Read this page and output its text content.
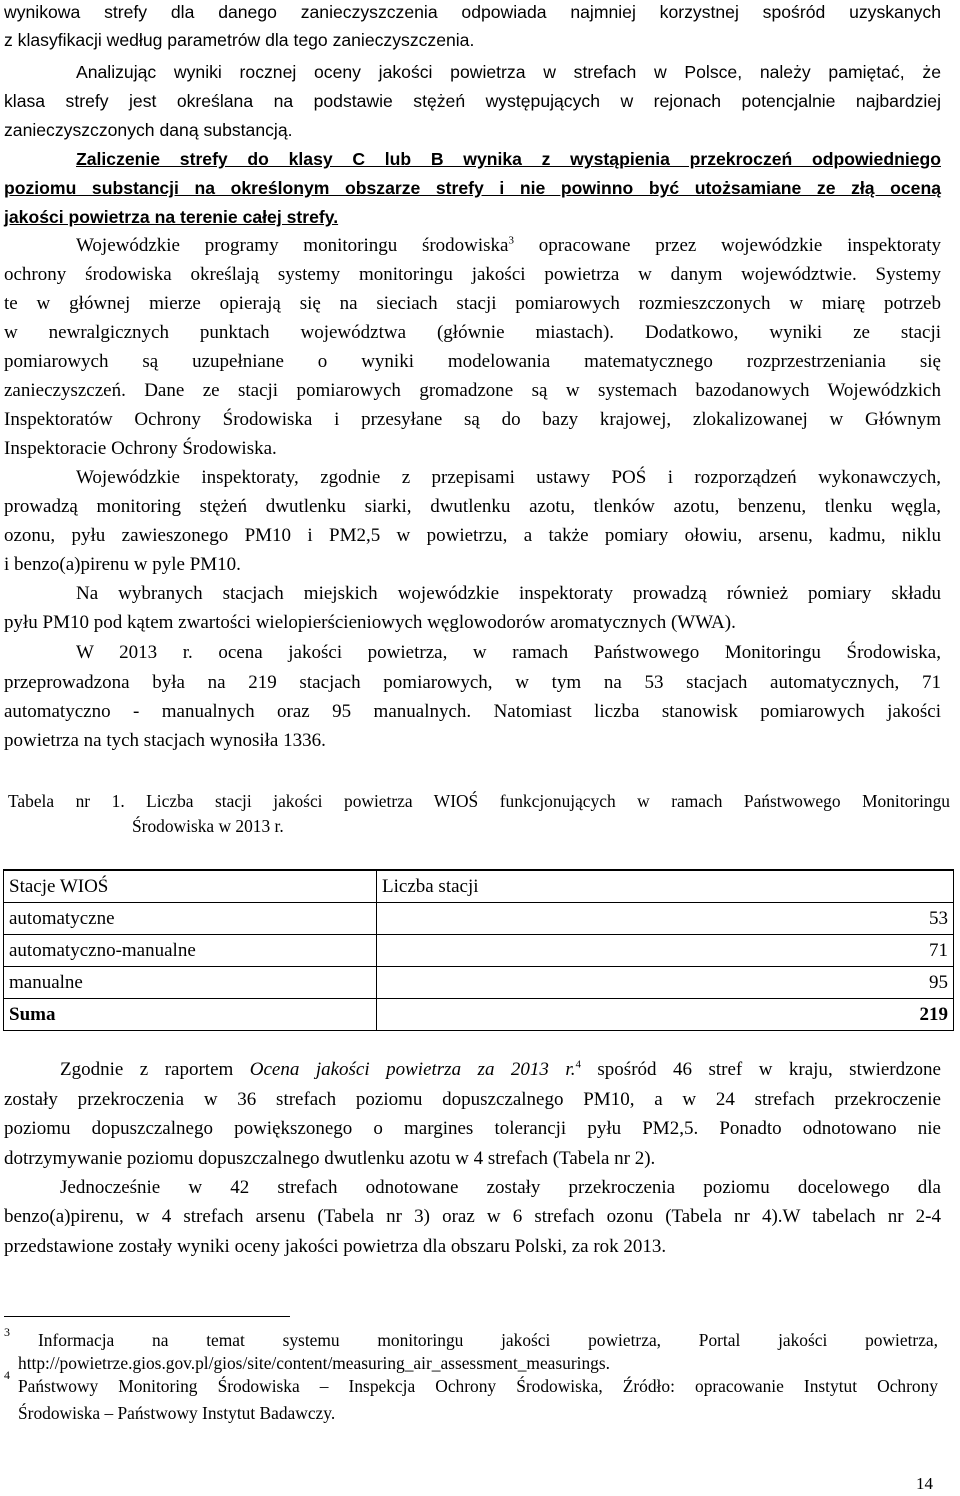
wynikowa strefy dla danego zanieczyszczenia odpowiada najmniej korzystnej spośród uzyskanych
z klasyfikacji według parametrów dla tego zanieczyszczenia.
Analizując wyniki rocznej oceny jakości powietrza w strefach w Polsce, należy pamiętać, że
klasa strefy jest określana na podstawie stężeń występujących w rejonach potencjalnie najbardziej
zanieczyszczonych daną substancją.
Zaliczenie strefy do klasy C lub B wynika z wystąpienia przekroczeń odpowiedniego
poziomu substancji na określonym obszarze strefy i nie powinno być utożsamiane ze złą oceną
jakości powietrza na terenie całej strefy.
Wojewódzkie programy monitoringu środowiska$^3$ opracowane przez wojewódzkie inspektoraty
ochrony środowiska określają systemy monitoringu jakości powietrza w danym województwie. Systemy
te w głównej mierze opierają się na sieciach stacji pomiarowych rozmieszczonych w miarę potrzeb
w newralgicznych punktach województwa (głównie miastach). Dodatkowo, wyniki ze stacji
pomiarowych są uzupełniane o wyniki modelowania matematycznego rozprzestrzeniania się
zanieczyszczeń. Dane ze stacji pomiarowych gromadzone są w systemach bazodanowych Wojewódzkich
Inspektoratów Ochrony Środowiska i przesyłane są do bazy krajowej, zlokalizowanej w Głównym
Inspektoracie Ochrony Środowiska.
Wojewódzkie inspektoraty, zgodnie z przepisami ustawy POŚ i rozporządzeń wykonawczych,
prowadzą monitoring stężeń dwutlenku siarki, dwutlenku azotu, tlenków azotu, benzenu, tlenku węgla,
ozonu, pyłu zawieszonego PM10 i PM2,5 w powietrzu, a także pomiary ołowiu, arsenu, kadmu, niklu
i benzo(a)pirenu w pyle PM10.
Na wybranych stacjach miejskich wojewódzkie inspektoraty prowadzą również pomiary składu
pyłu PM10 pod kątem zwartości wielopierścieniowych węglowodorów aromatycznych (WWA).
W 2013 r. ocena jakości powietrza, w ramach Państwowego Monitoringu Środowiska,
przeprowadzona była na 219 stacjach pomiarowych, w tym na 53 stacjach automatycznych, 71
automatyczno - manualnych oraz 95 manualnych. Natomiast liczba stanowisk pomiarowych jakości
powietrza na tych stacjach wynosiła 1336.
Tabela nr 1. Liczba stacji jakości powietrza WIOŚ funkcjonujących w ramach Państwowego Monitoringu
Środowiska w 2013 r.
Stacje WIOŚ	Liczba stacji
automatyczne	53
automatyczno-manualne	71
manualne	95
Suma	219
Zgodnie z raportem Ocena jakości powietrza za 2013 r.$^4$ spośród 46 stref w kraju, stwierdzone
zostały przekroczenia w 36 strefach poziomu dopuszczalnego PM10, a w 24 strefach przekroczenie
poziomu dopuszczalnego powiększonego o margines tolerancji pyłu PM2,5. Ponadto odnotowano nie
dotrzymywanie poziomu dopuszczalnego dwutlenku azotu w 4 strefach (Tabela nr 2).
Jednocześnie w 42 strefach odnotowane zostały przekroczenia poziomu docelowego dla
benzo(a)pirenu, w 4 strefach arsenu (Tabela nr 3) oraz w 6 strefach ozonu (Tabela nr 4).W tabelach nr 2-4
przedstawione zostały wyniki oceny jakości powietrza dla obszaru Polski, za rok 2013.
3 Informacja na temat systemu monitoringu jakości powietrza, Portal jakości powietrza,
http://powietrze.gios.gov.pl/gios/site/content/measuring_air_assessment_measurings.
4
Państwowy Monitoring Środowiska – Inspekcja Ochrony Środowiska, Źródło: opracowanie Instytut Ochrony
Środowiska – Państwowy Instytut Badawczy.
14
